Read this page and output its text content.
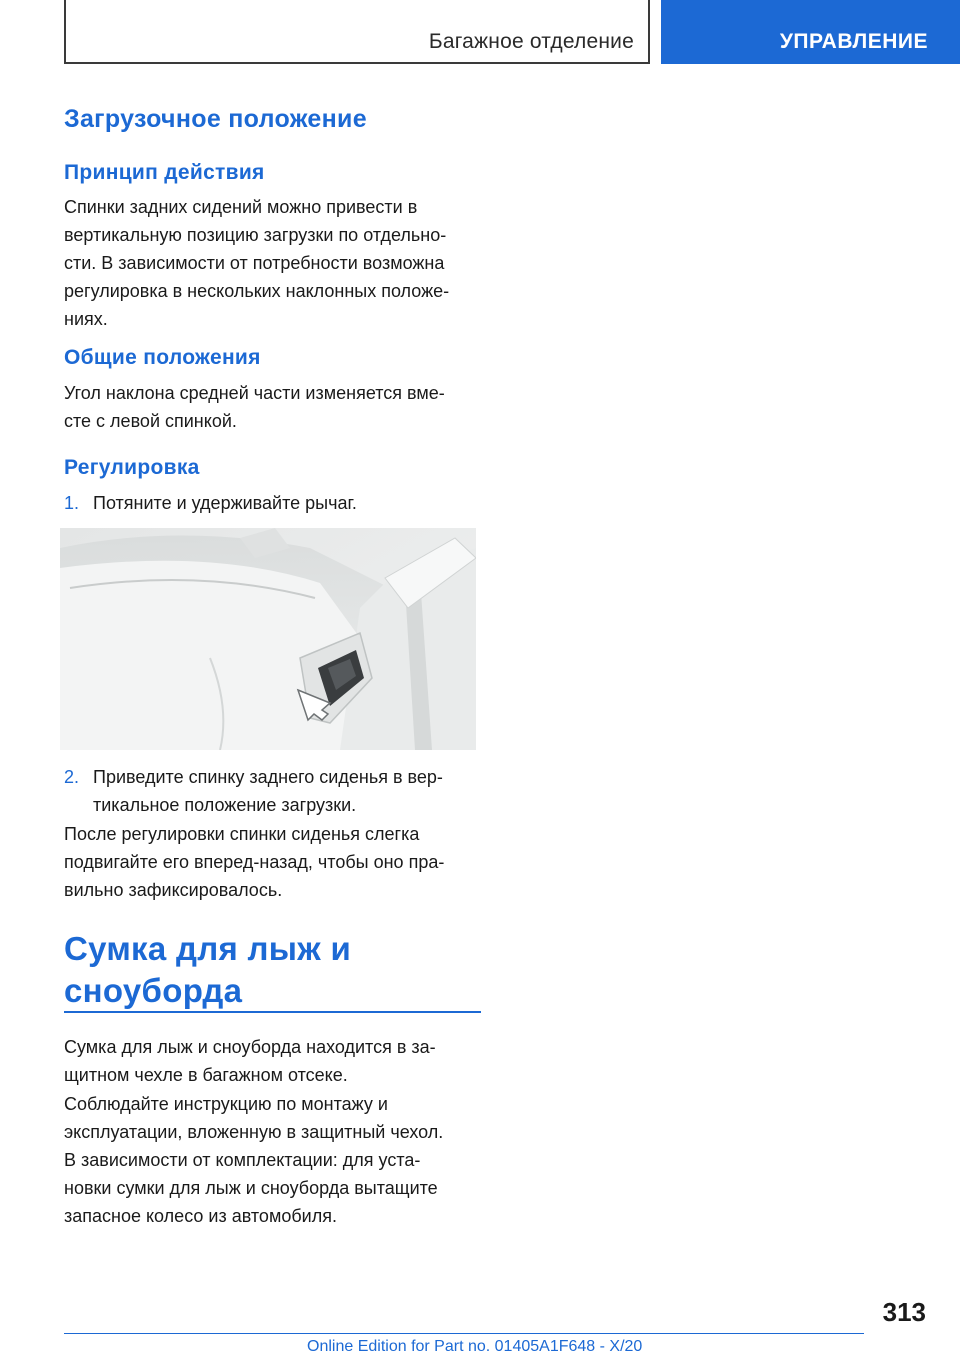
Багажное отделение	УПРАВЛЕНИЕ
Загрузочное положение
Принцип действия
Спинки задних сидений можно привести в
вертикальную позицию загрузки по отдельно-
сти. В зависимости от потребности возможна
регулировка в нескольких наклонных положе-
ниях.
Общие положения
Угол наклона средней части изменяется вме-
сте с левой спинкой.
Регулировка
1. Потяните и удерживайте рычаг.
2. Приведите спинку заднего сиденья в вер-
тикальное положение загрузки.
После регулировки спинки сиденья слегка
подвигайте его вперед-назад, чтобы оно пра-
вильно зафиксировалось.
Сумка для лыж и
сноуборда
Сумка для лыж и сноуборда находится в за-
щитном чехле в багажном отсеке.
Соблюдайте инструкцию по монтажу и
эксплуатации, вложенную в защитный чехол.
В зависимости от комплектации: для уста-
новки сумки для лыж и сноуборда вытащите
запасное колесо из автомобиля.
313
Online Edition for Part no. 01405A1F648 - X/20
